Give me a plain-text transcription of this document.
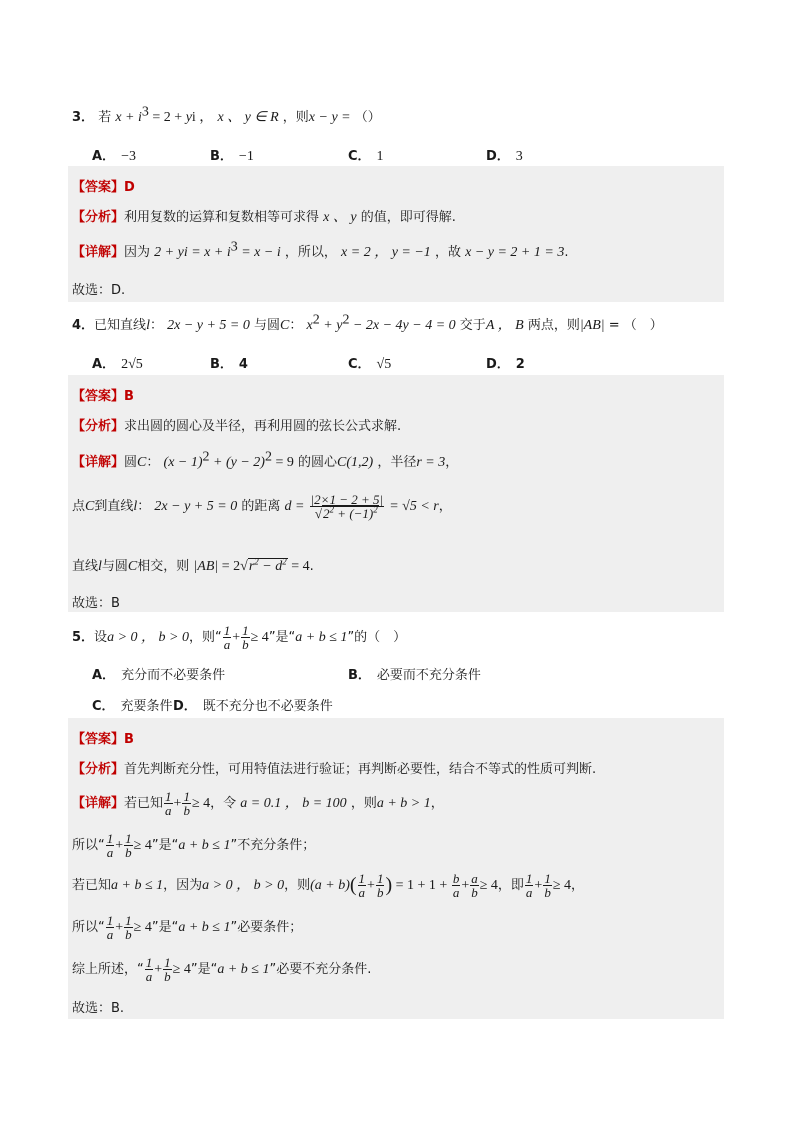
3． 若 $x + i^3 = 2$ + yi ， x 、 y ∈ R ，则x − y = （）
A． −3	B． −1	C． 1	D． 3
【答案】D
【分析】利用复数的运算和复数相等可求得 x 、 y 的值，即可得解.
【详解】因为 2 + yi = $x + i^3 = x - i$ ，所以， x = 2 ， y = −1 ，故 x − y = 2 + 1 = 3.
故选：D.
4．已知直线l： 2x − y + 5 = 0 与圆C： $x^2 + y^2 - 2x - 4y - 4 = 0$ 交于A ， B 两点，则|AB| = （　）
A． 2√5	B． 4	C． √5	D． 2
【答案】B
【分析】求出圆的圆心及半径，再利用圆的弦长公式求解.
【详解】圆C： $(x - 1)^2 + (y - 2)^2 = 9$ 的圆心C(1,2) ，半径r = 3，
点C到直线l： 2x − y + 5 = 0 的距离 $d = \frac{|2\times 1 - 2 + 5|}{√2^2 + (-1)^2} = √5 < r$，
直线l与圆C相交，则 $|AB| = 2√r^2 - d^2 = 4$.
故选：B
5．设a > 0 ， b > 0，则“ $\frac{1}{a} + \frac{1}{b} \ge 4$”是“a + b ≤ 1”的（　）
A． 充分而不必要条件	B． 必要而不充分条件
C． 充要条件 D． 既不充分也不必要条件
【答案】B
【分析】首先判断充分性，可用特值法进行验证；再判断必要性，结合不等式的性质可判断.
【详解】若已知 $\frac{1}{a} + \frac{1}{b} \ge 4$，令 a = 0.1 ， b = 100 ，则a + b > 1，
所以“ $\frac{1}{a} + \frac{1}{b} \ge 4$”是“a + b ≤ 1”不充分条件；
若已知a + b ≤ 1，因为a > 0 ， b > 0，则$(a + b)( \frac{1}{a} + \frac{1}{b}$ ) = $1 + 1 + \frac{b}{a} + \frac{a}{b} \ge 4$，即 $\frac{1}{a} + \frac{1}{b} \ge 4$，
所以“ $\frac{1}{a} + \frac{1}{b} \ge 4$”是“a + b ≤ 1”必要条件；
综上所述，“ $\frac{1}{a} + \frac{1}{b} \ge 4$”是“a + b ≤ 1”必要不充分条件.
故选：B.
